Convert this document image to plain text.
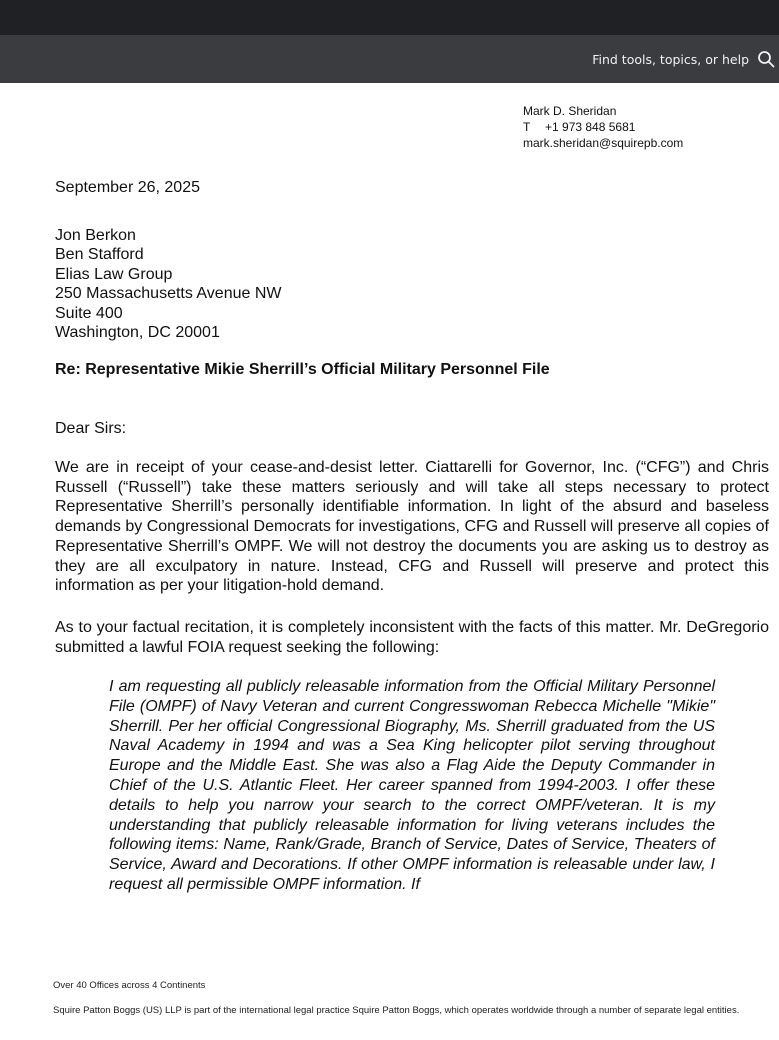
Find tools, topics, or help
Mark D. Sheridan
T +1 973 848 5681
mark.sheridan@squirepb.com
September 26, 2025
Jon Berkon
Ben Stafford
Elias Law Group
250 Massachusetts Avenue NW
Suite 400
Washington, DC 20001
Re: Representative Mikie Sherrill’s Official Military Personnel File
Dear Sirs:
We are in receipt of your cease-and-desist letter. Ciattarelli for Governor, Inc. (“CFG”) and Chris Russell (“Russell”) take these matters seriously and will take all steps necessary to protect Representative Sherrill’s personally identifiable information. In light of the absurd and baseless demands by Congressional Democrats for investigations, CFG and Russell will preserve all copies of Representative Sherrill’s OMPF. We will not destroy the documents you are asking us to destroy as they are all exculpatory in nature. Instead, CFG and Russell will preserve and protect this information as per your litigation-hold demand.
As to your factual recitation, it is completely inconsistent with the facts of this matter. Mr. DeGregorio submitted a lawful FOIA request seeking the following:
I am requesting all publicly releasable information from the Official Military Personnel File (OMPF) of Navy Veteran and current Congresswoman Rebecca Michelle "Mikie" Sherrill. Per her official Congressional Biography, Ms. Sherrill graduated from the US Naval Academy in 1994 and was a Sea King helicopter pilot serving throughout Europe and the Middle East. She was also a Flag Aide the Deputy Commander in Chief of the U.S. Atlantic Fleet. Her career spanned from 1994-2003. I offer these details to help you narrow your search to the correct OMPF/veteran. It is my understanding that publicly releasable information for living veterans includes the following items: Name, Rank/Grade, Branch of Service, Dates of Service, Theaters of Service, Award and Decorations. If other OMPF information is releasable under law, I request all permissible OMPF information. If
Over 40 Offices across 4 Continents
Squire Patton Boggs (US) LLP is part of the international legal practice Squire Patton Boggs, which operates worldwide through a number of separate legal entities.
